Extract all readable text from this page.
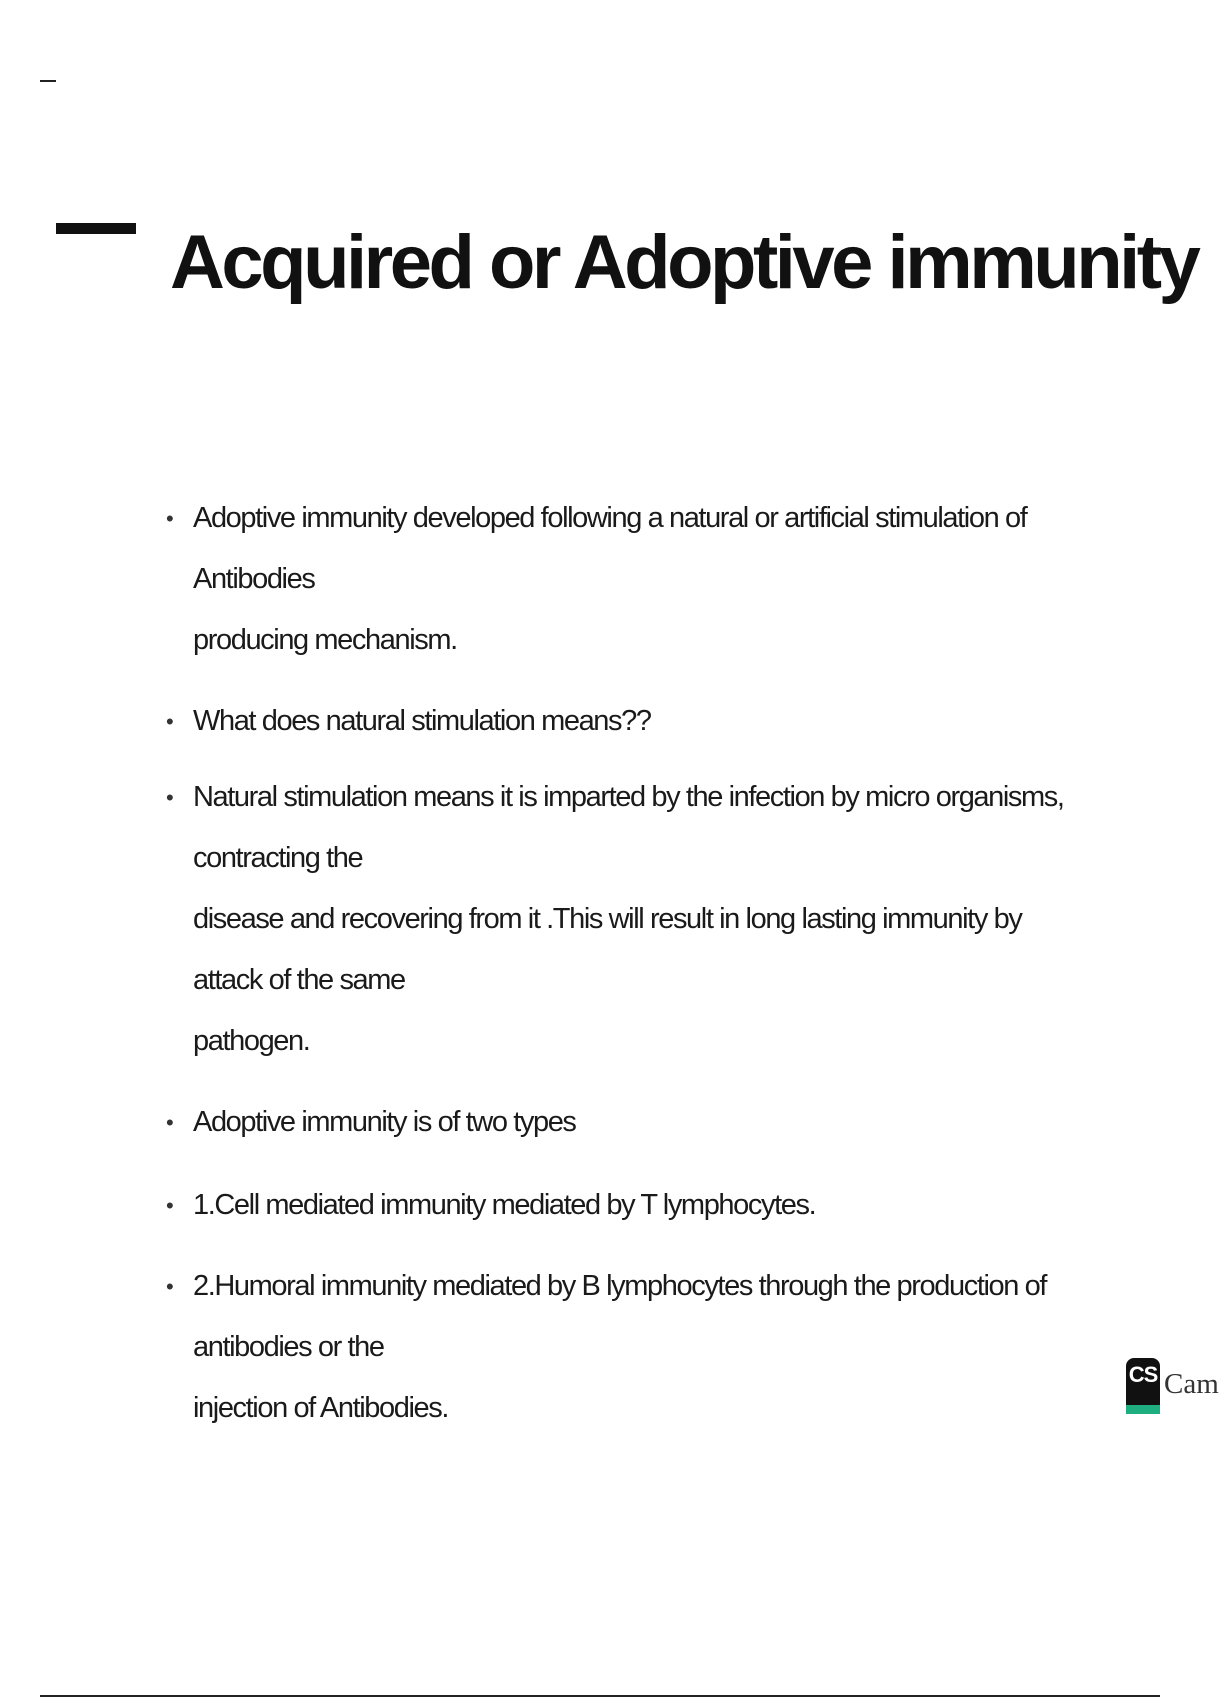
Acquired or Adoptive immunity
• Adoptive immunity developed following a natural or artificial stimulation of Antibodies
producing mechanism.
• What does natural stimulation means??
• Natural stimulation means it is imparted by the infection by micro organisms, contracting the
disease and recovering from it .This will result in long lasting immunity by attack of the same
pathogen.
• Adoptive immunity is of two types
• 1.Cell mediated immunity mediated by T lymphocytes.
• 2.Humoral immunity mediated by B lymphocytes through the production of antibodies or the
injection of Antibodies.
CS Cam
